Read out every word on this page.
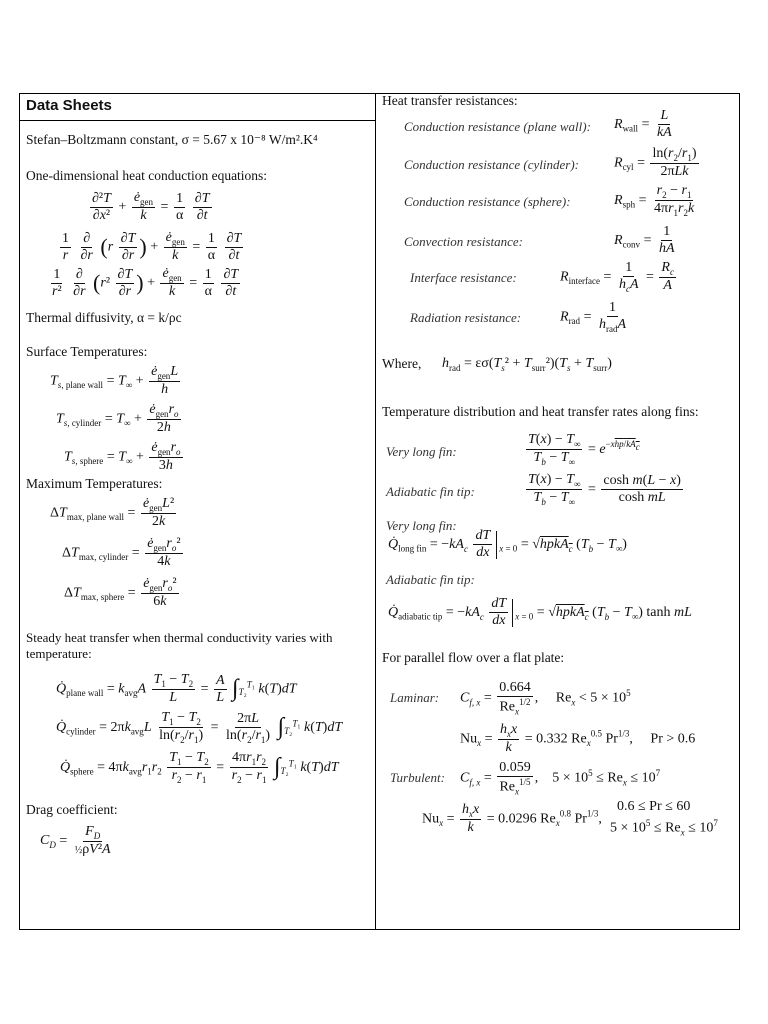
Data Sheets
Stefan–Boltzmann constant, σ = 5.67 x 10⁻⁸ W/m².K⁴
One-dimensional heat conduction equations:
$\frac{\text{∂²T}}{\text{∂x²}} + \frac{ė_{gen}}{k} = \frac{1}{\alpha}$
$\frac{\partial T}{\partial t}$
$\frac{1}{r}$
$\frac{\partial}{\partial r} (r \frac{\partial T}{\partial r}$ ) + $\frac{ė_{gen}}{k} = \frac{1}{\alpha}$
$\frac{\partial T}{\partial t}$
$\frac{1}{\text{r²}}$
$\frac{\partial}{\partial r} (r^2 \frac{\partial T}{\partial r}$ ) + $\frac{ė_{gen}}{k} = \frac{1}{\alpha}$
$\frac{\partial T}{\partial t}$
Thermal diffusivity, α = k/ρc
Surface Temperatures:
$T_{s, plane wall} = T_\infty + \frac{ė_{gen}L}{h}$
$T_{s, cylinder} = T_\infty + \frac{ė_{gen}r_o}{2h}$
$T_{s, sphere} = T_\infty + \frac{ė_{gen}r_o}{3h}$
Maximum Temperatures:
$\Delta T_{max, plane wall} = \frac{ė_{gen}L^2}{2k}$
$\Delta T_{max, cylinder} = \frac{ė_{gen}r_o^2}{4k}$
$\Delta T_{max, sphere} = \frac{ė_{gen}r_o^2}{6k}$
Steady heat transfer when thermal conductivity varies with temperature:
$Q̇_{plane wall} = k_{avg}A \frac{T_1 - T_2}{L} = \frac{A}{L} \int_{T_2}^{T_1}$ k(T)dT
$Q̇_{cylinder} = 2\pi k_{avg}L \frac{T_1 - T_2}{\ln(r_2/r_1)} = \frac{2\pi L}{\ln(r_2/r_1)} \int_{T_2}^{T_1}$ k(T)dT
$Q̇_{sphere} = 4\pi k_{avg}r_1r_2 \frac{T_1 - T_2}{r_2 - r_1} = \frac{4\pi r_1r_2}{r_2 - r_1} \int_{T_2}^{T_1}$ k(T)dT
Drag coefficient:
$C_D = \frac{F_D}{\text{½ρV²A}}$
Heat transfer resistances:
Conduction resistance (plane wall): $R_{wall} = \frac{L}{kA}$
Conduction resistance (cylinder):	$R_{cyl} = \frac{\ln(r_2/r_1)}{\text{2πLk}}$
Conduction resistance (sphere):	$R_{sph} = \frac{r_2 - r_1}{4\pi r_1r_2k}$
Convection resistance:	$R_{conv} = \frac{1}{hA}$
Interface resistance:	$R_{interface} = \frac{1}{h_cA} = \frac{R_c}{A}$
Radiation resistance:	$R_{rad} = \frac{1}{h_{rad}A}$
Where, $h_{rad} = \varepsilon\sigma(T_s^2 + T_{surr}^2)(T_s + T_{surr})$
Temperature distribution and heat transfer rates along fins:
Very long fin:	$\frac{T(x) - T_\infty}{T_b - T_\infty} = e^{-xhp/kA_c}$
Adiabatic fin tip:	$\frac{T(x) - T_\infty}{T_b - T_\infty} = \frac{\text{cosh m(L − x)}}{\text{cosh mL}}$
Very long fin:
$Q̇_{long fin} = -kA_c \frac{dT}{dx} _{x = 0}$ = √hpkA$_c$ $(T_b - T_\infty)$
Adiabatic fin tip:
$Q̇_{adiabatic tip} = -kA_c \frac{dT}{dx} _{x = 0}$ = √hpkA$_c$ $(T_b - T_\infty)$ tanh mL
For parallel flow over a flat plate:
Laminar: $C_{f, x} = \frac{0.664}{Re_x^{1/2}}$ ,     $Re_x < 5 \times 10^5$
$Nu_x = \frac{h_xx}{k} = 0.332$ $Re_x^{0.5}$ $Pr^{1/3}$,     Pr > 0.6
Turbulent: $C_{f, x} = \frac{0.059}{Re_x^{1/5}}$ ,    $5 \times 10^5 \le Re_x \le 10^7$
$Nu_x = \frac{h_xx}{k} = 0.0296$ $Re_x^{0.8}$ $Pr^{1/3}$,
0.6 ≤ Pr ≤ 60
$5 \times 10^5 \le Re_x \le 10^7$
